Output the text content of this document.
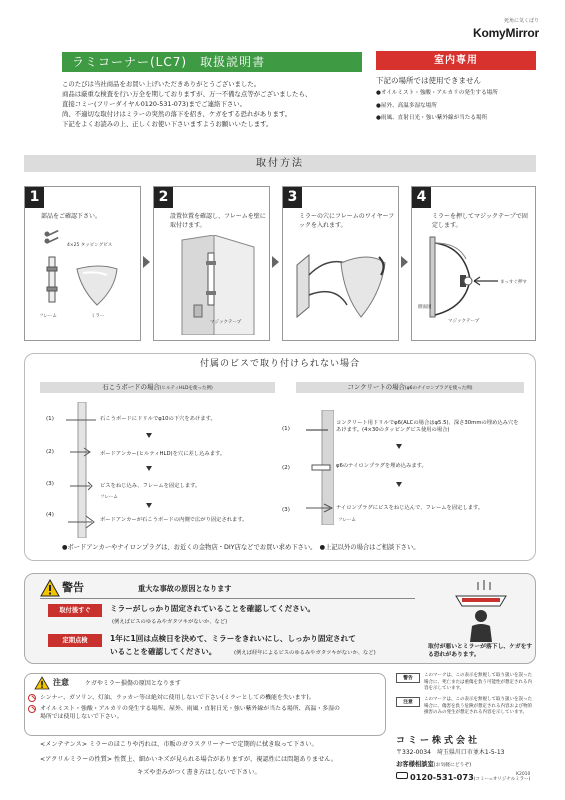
死角に気くばり
KomyMirror
ラミコーナー(LC7)　取扱説明書
このたびは当社商品をお買い上げいただきありがとうございました。
商品は厳重な検査を行い万全を期しておりますが、万一不備な点等がございましたら、
直接コミー(フリーダイヤル0120-531-073)までご連絡下さい。
尚、不適切な取付けはミラーの突然の落下を招き、ケガをする恐れがあります。
下記をよくお読みの上、正しくお使い下さいますようお願いいたします。
室内専用
下記の場所では使用できません
●オイルミスト・強酸・アルカリの発生する場所
●屋外、高温多湿な場所
●雨風、直射日光・強い紫外線が当たる場所
取付方法
1
部品をご確認下さい。
4×25 タッピングビス
フレーム	ミラー
2
設置位置を確認し、フレームを壁に取付けます。
マジックテープ
3
ミラーの穴にフレームのワイヤーフックを入れます。
4
ミラーを押してマジックテープで固定します。
まっすぐ押す
側面図
マジックテープ
付属のビスで取り付けられない場合
石こうボードの場合(ヒルティHLDを使った例)	コンクリートの場合(φ6のナイロンプラグを使った例)
(1)	石こうボードにドリルでφ10の下穴をあけます。
(2)	ボードアンカー(ヒルティHLD)を穴に差し込みます。
(3)	ビスをねじ込み、フレームを固定します。
フレーム
(4)
ボードアンカーが石こうボードの内側で広がり固定されます。
(1)
コンクリート用ドリルでφ6(ALCの場合はφ5.5)、深さ30mmの埋め込み穴をあけます。(4×30のタッピングビス使用の場合)
(2)	φ6のナイロンプラグを埋め込みます。
(3)	ナイロンプラグにビスをねじ込んで、フレームを固定します。
フレーム
●ボードアンカーやナイロンプラグは、お近くの金物店・DIY店などでお買い求め下さい。　●上記以外の場合はご相談下さい。
警告	重大な事故の原因となります
取付後すぐ	ミラーがしっかり固定されていることを確認してください。
(例えばビスのゆるみやガタツキがないか、など)
定期点検	1年に1回は点検日を決めて、ミラーをきれいにし、しっかり固定されて
いることを確認してください。	(例えば経年によるビスのゆるみやガタツキがないか、など)
取付が悪いとミラーが落下し、ケガをする恐れがあります。
注意	ケガやミラー損傷の原因となります
シンナー、ガソリン、灯油、ラッカー等は絶対に使用しないで下さい(ミラーとしての機能を失います)。
オイルミスト・強酸・アルカリの発生する場所、屋外、雨風・直射日光・強い紫外線が当たる場所、高温・多湿の
場所では使用しないで下さい。
警告
このマークは、この表示を無視して取り扱いを誤った場合に、死亡または重傷を負う可能性が想定される内容を示しています。
注意
このマークは、この表示を無視して取り扱いを誤った場合に、傷害を負う危険が想定される内容および物的損害のみの発生が想定される内容を示しています。
<メンテナンス> ミラーのほこりや汚れは、市販のガラスクリーナーで定期的に拭き取って下さい。
<アクリルミラーの性質> 性質上、細かいキズが見られる場合がありますが、視認性には問題ありません。
キズや歪みがつく書き方はしないで下さい。
コミー株式会社
〒332-0034　埼玉県川口市並木1-5-13
お客様相談室(お気軽にどうぞ)
0120-531-073(コミー=オリジナルミラー)
K2010
